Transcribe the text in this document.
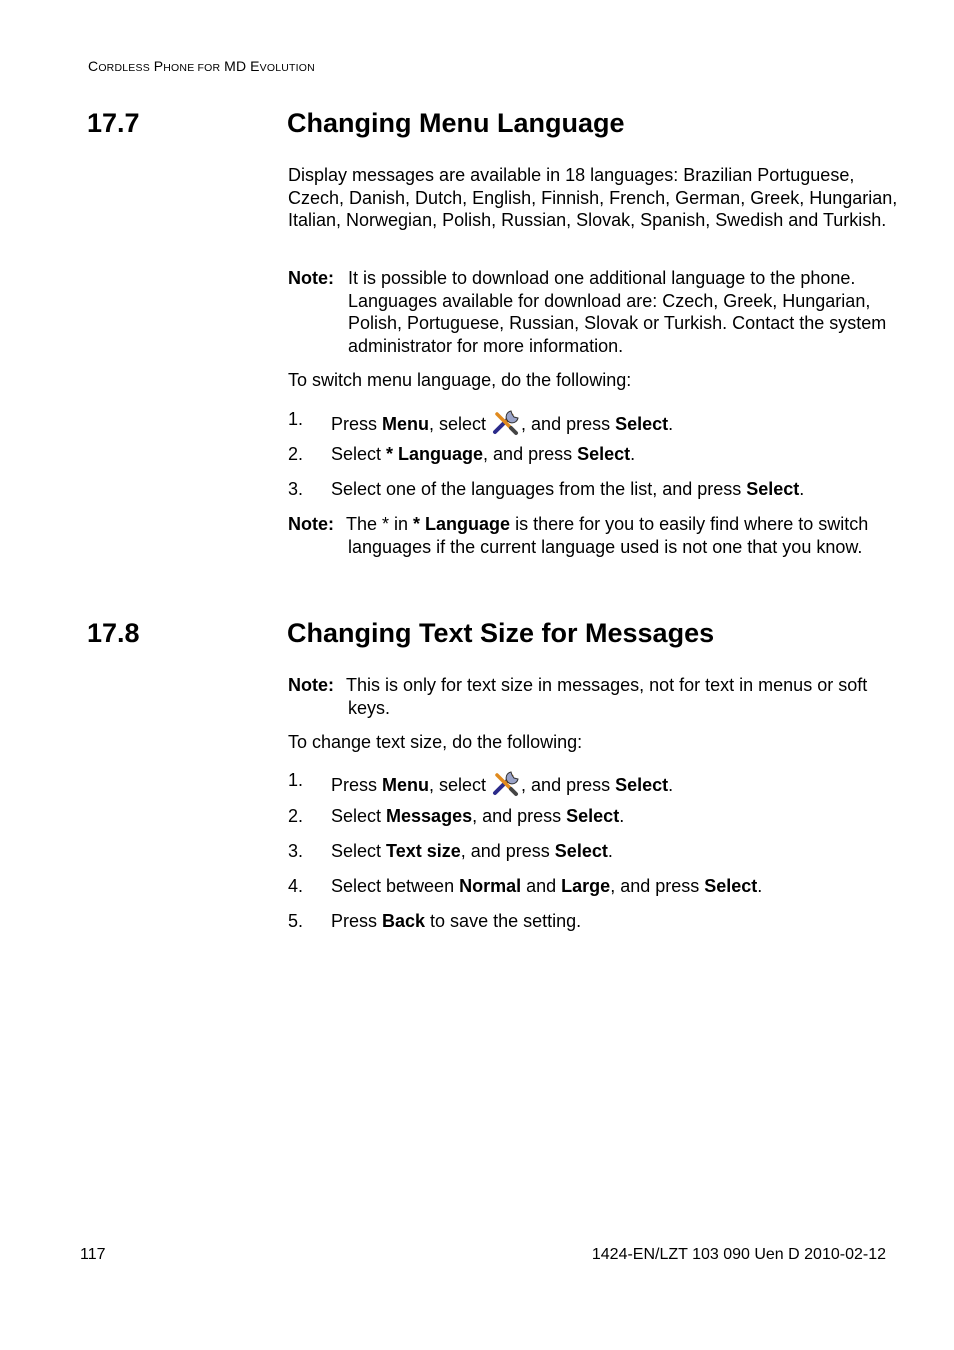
CORDLESS PHONE FOR MD EVOLUTION
17.7	Changing Menu Language
Display messages are available in 18 languages: Brazilian Portuguese, Czech, Danish, Dutch, English, Finnish, French, German, Greek, Hungarian, Italian, Norwegian, Polish, Russian, Slovak, Spanish, Swedish and Turkish.
Note: It is possible to download one additional language to the phone. Languages available for download are: Czech, Greek, Hungarian, Polish, Portuguese, Russian, Slovak or Turkish. Contact the system administrator for more information.
To switch menu language, do the following:
1. Press Menu, select , and press Select.
2. Select * Language, and press Select.
3. Select one of the languages from the list, and press Select.
Note: The * in * Language is there for you to easily find where to switch languages if the current language used is not one that you know.
17.8	Changing Text Size for Messages
Note: This is only for text size in messages, not for text in menus or soft keys.
To change text size, do the following:
1. Press Menu, select , and press Select.
2. Select Messages, and press Select.
3. Select Text size, and press Select.
4. Select between Normal and Large, and press Select.
5. Press Back to save the setting.
117	1424-EN/LZT 103 090 Uen D 2010-02-12
